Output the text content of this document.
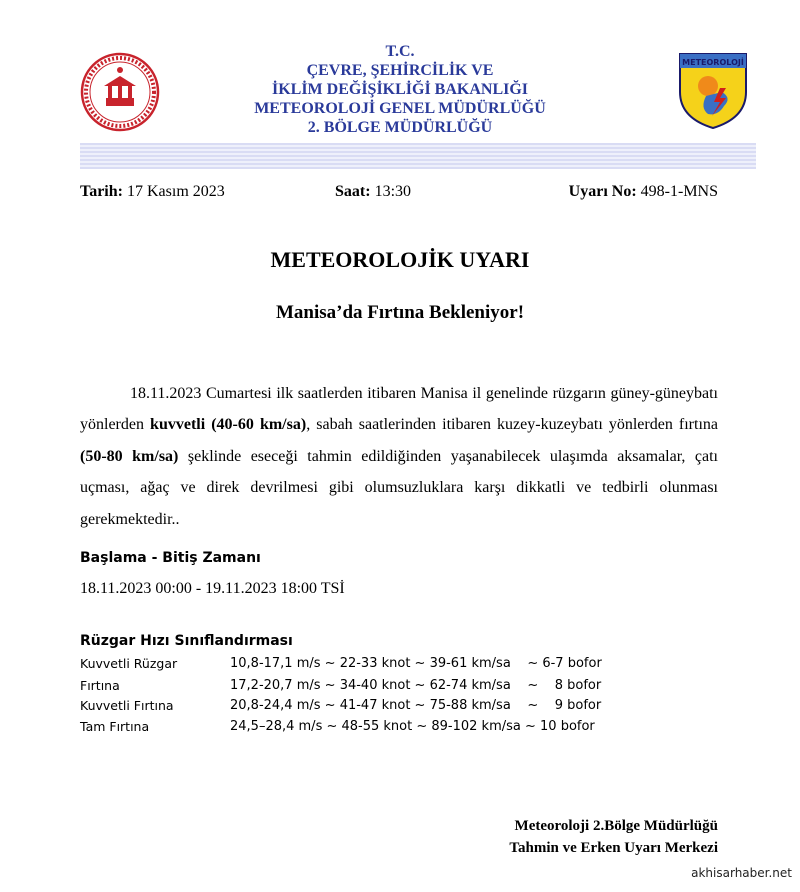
T.C.
ÇEVRE, ŞEHİRCİLİK VE
İKLİM DEĞİŞİKLİĞİ BAKANLIĞI
METEOROLOJİ GENEL MÜDÜRLÜĞÜ
2. BÖLGE MÜDÜRLÜĞÜ
METEOROLOJİ
Tarih: 17 Kasım 2023	Saat: 13:30	Uyarı No: 498-1-MNS
METEOROLOJİK UYARI
Manisa’da Fırtına Bekleniyor!
18.11.2023 Cumartesi ilk saatlerden itibaren Manisa il genelinde rüzgarın güney-güneybatı yönlerden kuvvetli (40-60 km/sa), sabah saatlerinden itibaren kuzey-kuzeybatı yönlerden fırtına (50-80 km/sa) şeklinde eseceği tahmin edildiğinden yaşanabilecek ulaşımda aksamalar, çatı uçması, ağaç ve direk devrilmesi gibi olumsuzluklara karşı dikkatli ve tedbirli olunması gerekmektedir..
Başlama - Bitiş Zamanı
18.11.2023 00:00 - 19.11.2023 18:00 TSİ
Rüzgar Hızı Sınıflandırması
Kuvvetli Rüzgar	10,8-17,1 m/s ~ 22-33 knot ~ 39-61 km/sa    ~ 6-7 bofor
Fırtına	17,2-20,7 m/s ~ 34-40 knot ~ 62-74 km/sa    ~    8 bofor
Kuvvetli Fırtına	20,8-24,4 m/s ~ 41-47 knot ~ 75-88 km/sa    ~    9 bofor
Tam Fırtına	24,5–28,4 m/s ~ 48-55 knot ~ 89-102 km/sa ~ 10 bofor
Meteoroloji 2.Bölge Müdürlüğü
Tahmin ve Erken Uyarı Merkezi
akhisarhaber.net
